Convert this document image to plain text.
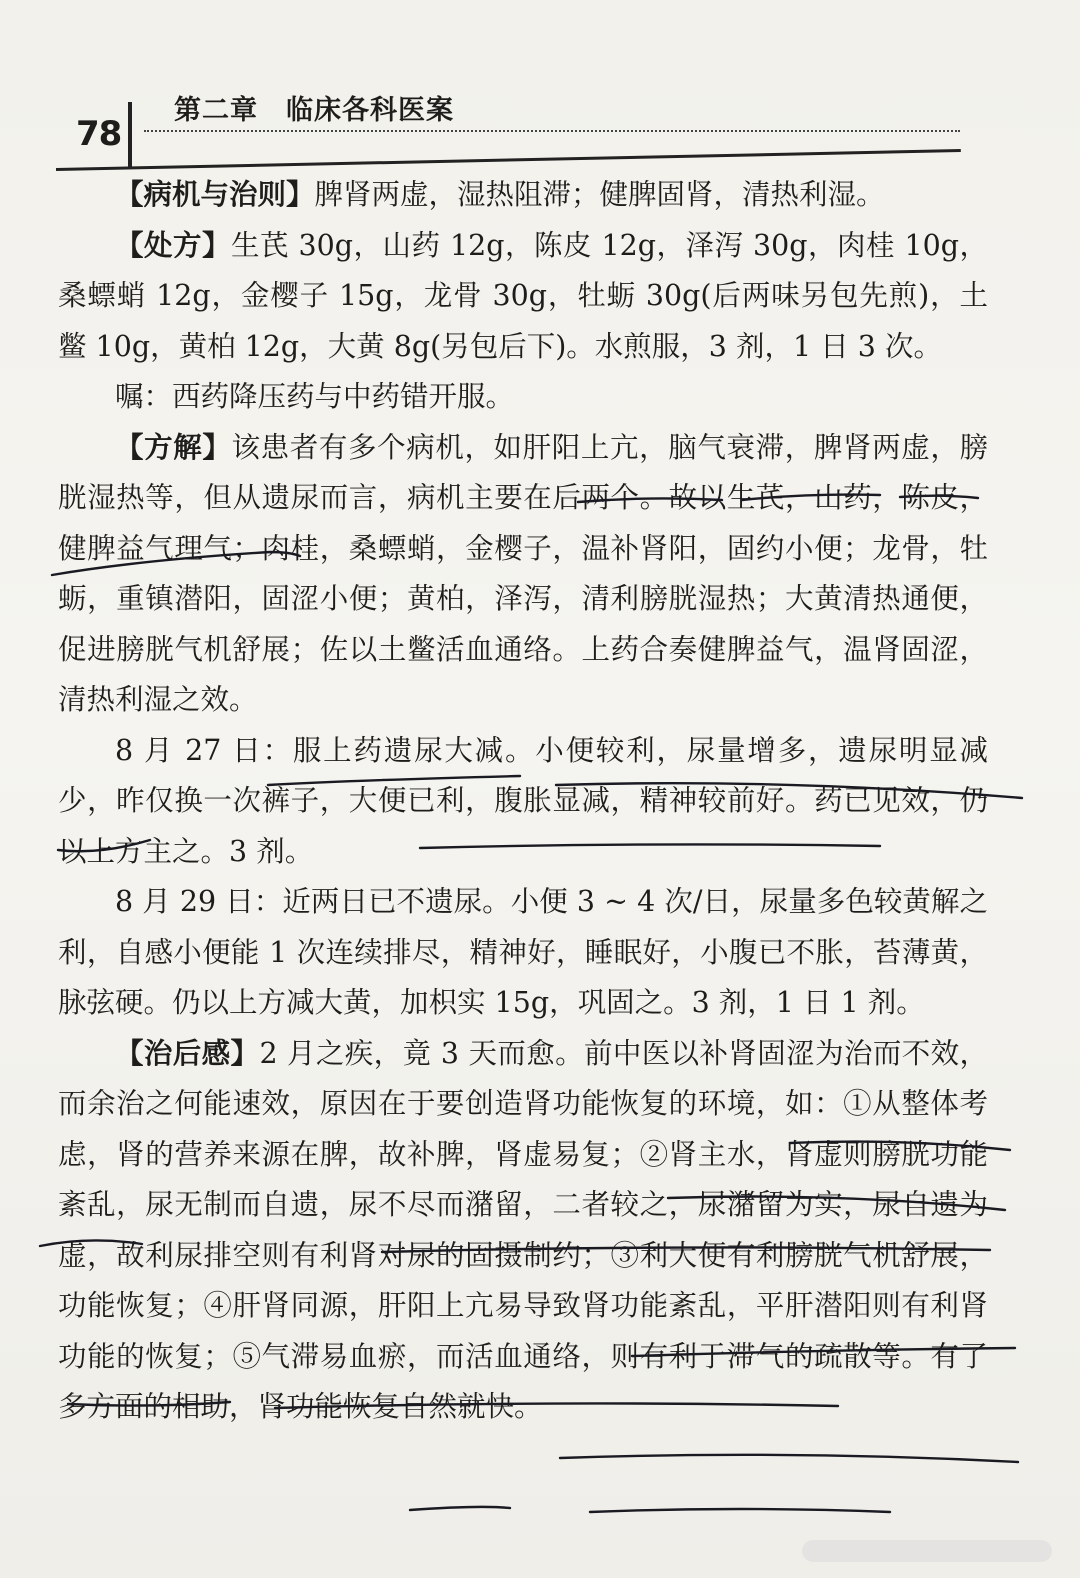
78
第二章 临床各科医案

【病机与治则】脾肾两虚，湿热阻滞；健脾固肾，清热利湿。

【处方】生芪 30g，山药 12g，陈皮 12g，泽泻 30g，肉桂 10g，桑螵蛸 12g，金樱子 15g，龙骨 30g，牡蛎 30g(后两味另包先煎)，土鳖 10g，黄柏 12g，大黄 8g(另包后下)。水煎服，3 剂，1 日 3 次。

嘱：西药降压药与中药错开服。

【方解】该患者有多个病机，如肝阳上亢，脑气衰滞，脾肾两虚，膀胱湿热等，但从遗尿而言，病机主要在后两个。故以生芪，山药，陈皮，健脾益气理气；肉桂，桑螵蛸，金樱子，温补肾阳，固约小便；龙骨，牡蛎，重镇潜阳，固涩小便；黄柏，泽泻，清利膀胱湿热；大黄清热通便，促进膀胱气机舒展；佐以土鳖活血通络。上药合奏健脾益气，温肾固涩，清热利湿之效。

8 月 27 日：服上药遗尿大减。小便较利，尿量增多，遗尿明显减少，昨仅换一次裤子，大便已利，腹胀显减，精神较前好。药已见效，仍以上方主之。3 剂。

8 月 29 日：近两日已不遗尿。小便 3 ~ 4 次/日，尿量多色较黄解之利，自感小便能 1 次连续排尽，精神好，睡眠好，小腹已不胀，苔薄黄，脉弦硬。仍以上方减大黄，加枳实 15g，巩固之。3 剂，1 日 1 剂。

【治后感】2 月之疾，竟 3 天而愈。前中医以补肾固涩为治而不效，而余治之何能速效，原因在于要创造肾功能恢复的环境，如：①从整体考虑，肾的营养来源在脾，故补脾，肾虚易复；②肾主水，肾虚则膀胱功能紊乱，尿无制而自遗，尿不尽而潴留，二者较之，尿潴留为实，尿自遗为虚，故利尿排空则有利肾对尿的固摄制约；③利大便有利膀胱气机舒展，功能恢复；④肝肾同源，肝阳上亢易导致肾功能紊乱，平肝潜阳则有利肾功能的恢复；⑤气滞易血瘀，而活血通络，则有利于滞气的疏散等。有了多方面的相助，肾功能恢复自然就快。
